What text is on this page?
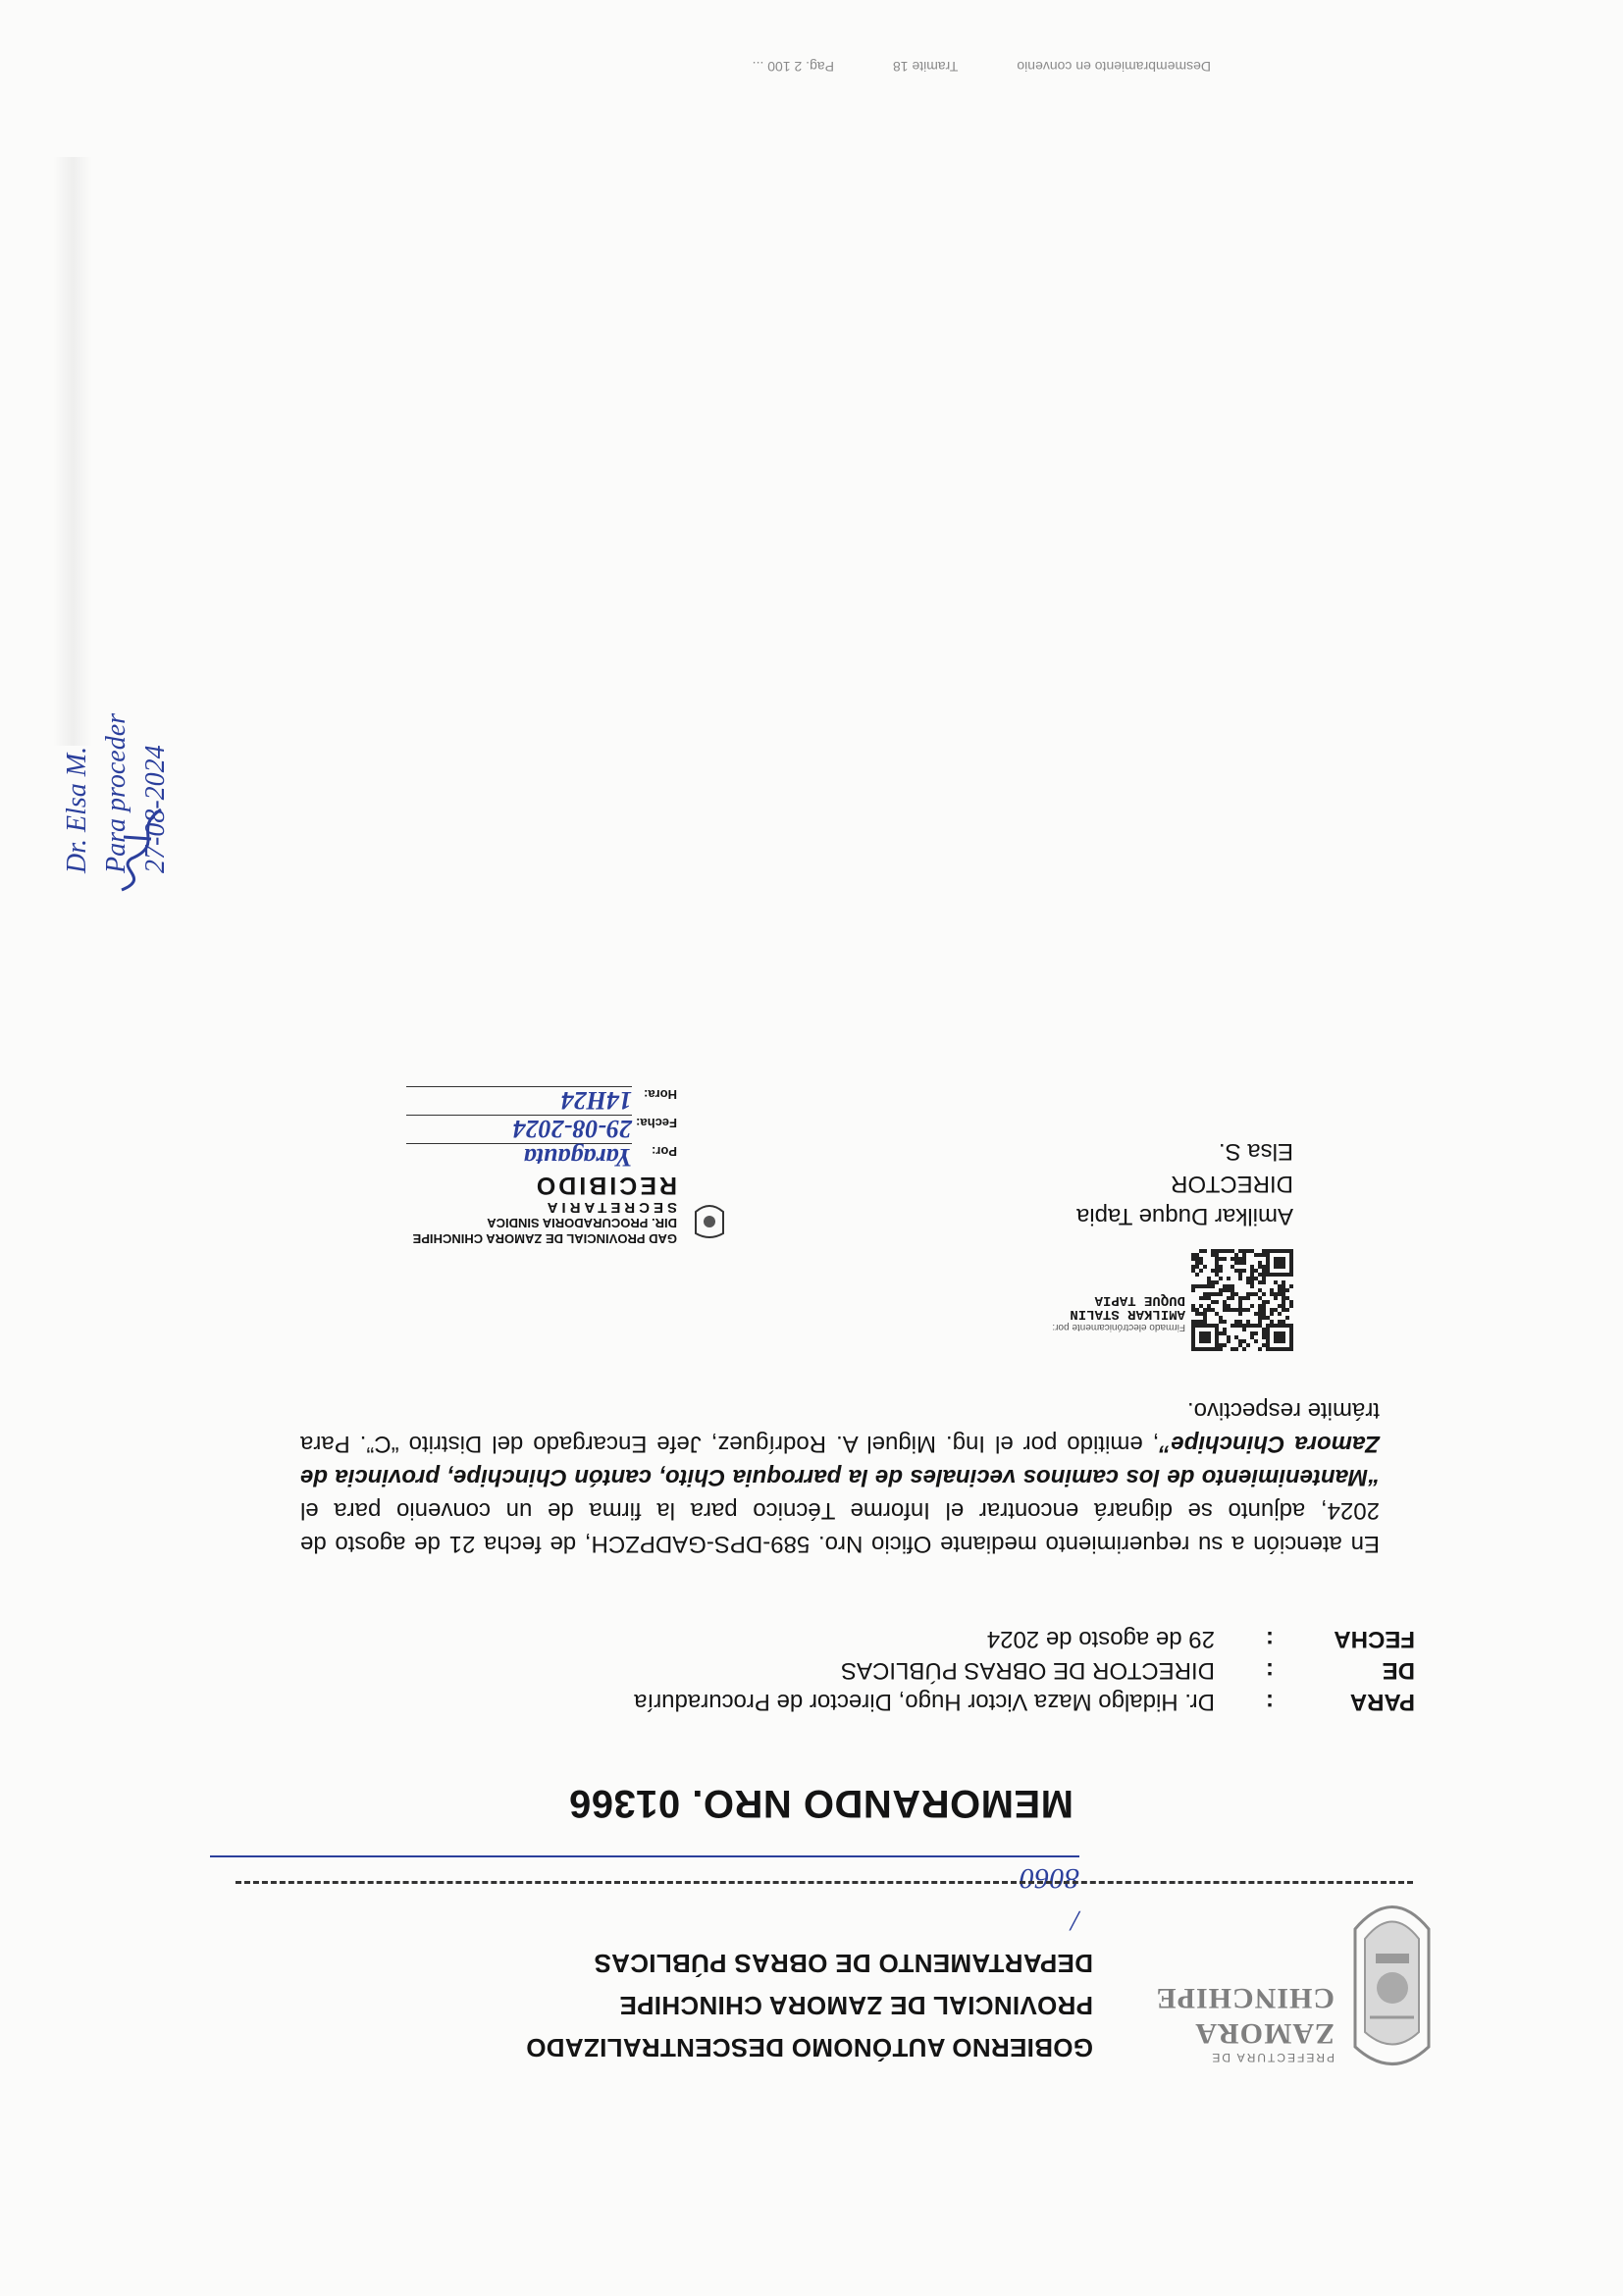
PREFECTURA DE
ZAMORA
CHINCHIPE
GOBIERNO AUTÓNOMO DESCENTRALIZADO
PROVINCIAL DE ZAMORA CHINCHIPE
DEPARTAMENTO DE OBRAS PÚBLICAS
/
8060
MEMORANDO NRO. 01366
PARA
:
Dr. Hidalgo Maza Victor Hugo, Director de Procuraduría
DE
:
DIRECTOR DE OBRAS PÚBLICAS
FECHA
:
29 de agosto de 2024
En atención a su requerimiento mediante Oficio Nro. 589-DPS-GADPZCH, de fecha 21 de agosto de 2024, adjunto se dignará encontrar el Informe Técnico para la firma de un convenio para el “Mantenimiento de los caminos vecinales de la parroquia Chito, cantón Chinchipe, provincia de Zamora Chinchipe”, emitido por el Ing. Miguel A. Rodríguez, Jefe Encargado del Distrito “C”. Para trámite respectivo.
Firmado electrónicamente por:
AMILKAR STALIN
DUQUE TAPIA
Amilkar Duque Tapia
DIRECTOR
Elsa S.
GAD PROVINCIAL DE ZAMORA CHINCHIPE
DIR. PROCURADORIA SINDICA
SECRETARIA
RECIBIDO
Por:
Yaragauta
Fecha:
29-08-2024
Hora:
14H24
Dr. Elsa M. Para proceder 27-08-2024
Desmembramiento en convenio
Tramite 18
Pag. 2 100 ...
